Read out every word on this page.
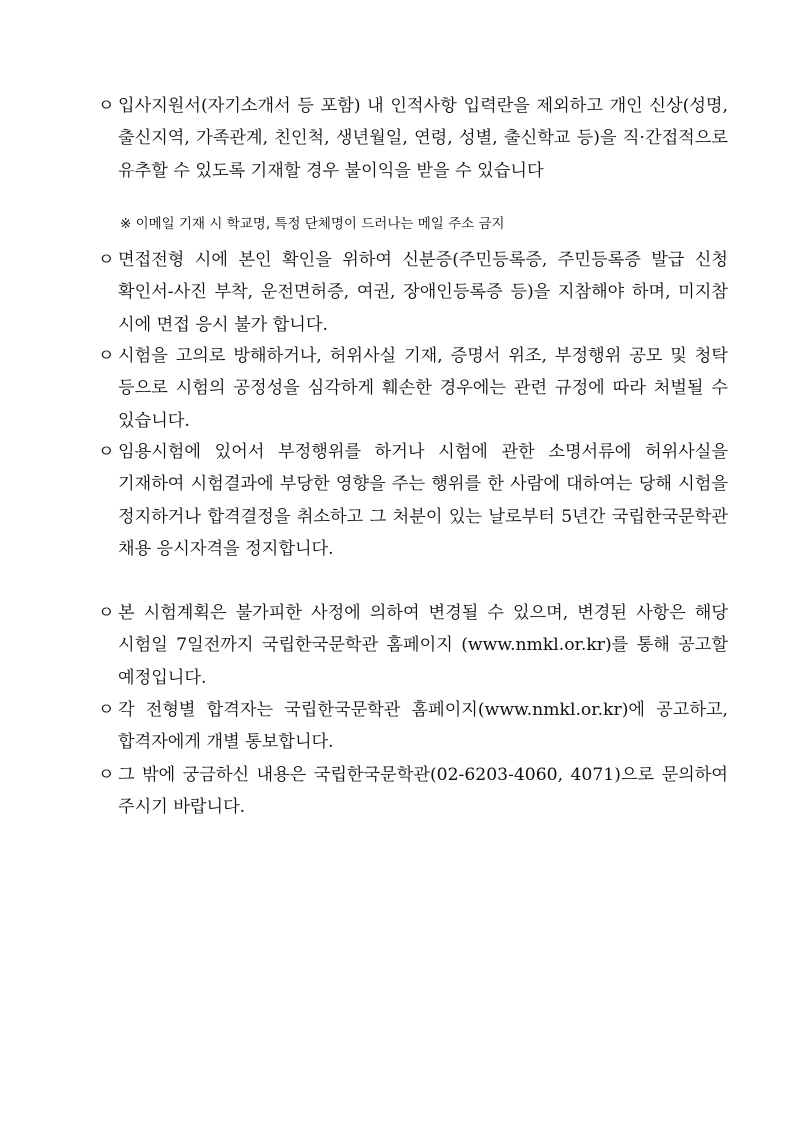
ㅇ 입사지원서(자기소개서 등 포함) 내 인적사항 입력란을 제외하고 개인 신상(성명, 출신지역, 가족관계, 친인척, 생년월일, 연령, 성별, 출신학교 등)을 직·간접적으로 유추할 수 있도록 기재할 경우 불이익을 받을 수 있습니다
※ 이메일 기재 시 학교명, 특정 단체명이 드러나는 메일 주소 금지
ㅇ 면접전형 시에 본인 확인을 위하여 신분증(주민등록증, 주민등록증 발급 신청 확인서-사진 부착, 운전면허증, 여권, 장애인등록증 등)을 지참해야 하며, 미지참 시에 면접 응시 불가 합니다.
ㅇ 시험을 고의로 방해하거나, 허위사실 기재, 증명서 위조, 부정행위 공모 및 청탁 등으로 시험의 공정성을 심각하게 훼손한 경우에는 관련 규정에 따라 처벌될 수 있습니다.
ㅇ 임용시험에 있어서 부정행위를 하거나 시험에 관한 소명서류에 허위사실을 기재하여 시험결과에 부당한 영향을 주는 행위를 한 사람에 대하여는 당해 시험을 정지하거나 합격결정을 취소하고 그 처분이 있는 날로부터 5년간 국립한국문학관 채용 응시자격을 정지합니다.
ㅇ 본 시험계획은 불가피한 사정에 의하여 변경될 수 있으며, 변경된 사항은 해당 시험일 7일전까지 국립한국문학관 홈페이지 (www.nmkl.or.kr)를 통해 공고할 예정입니다.
ㅇ 각 전형별 합격자는 국립한국문학관 홈페이지(www.nmkl.or.kr)에 공고하고, 합격자에게 개별 통보합니다.
ㅇ 그 밖에 궁금하신 내용은 국립한국문학관(02-6203-4060, 4071)으로 문의하여 주시기 바랍니다.
